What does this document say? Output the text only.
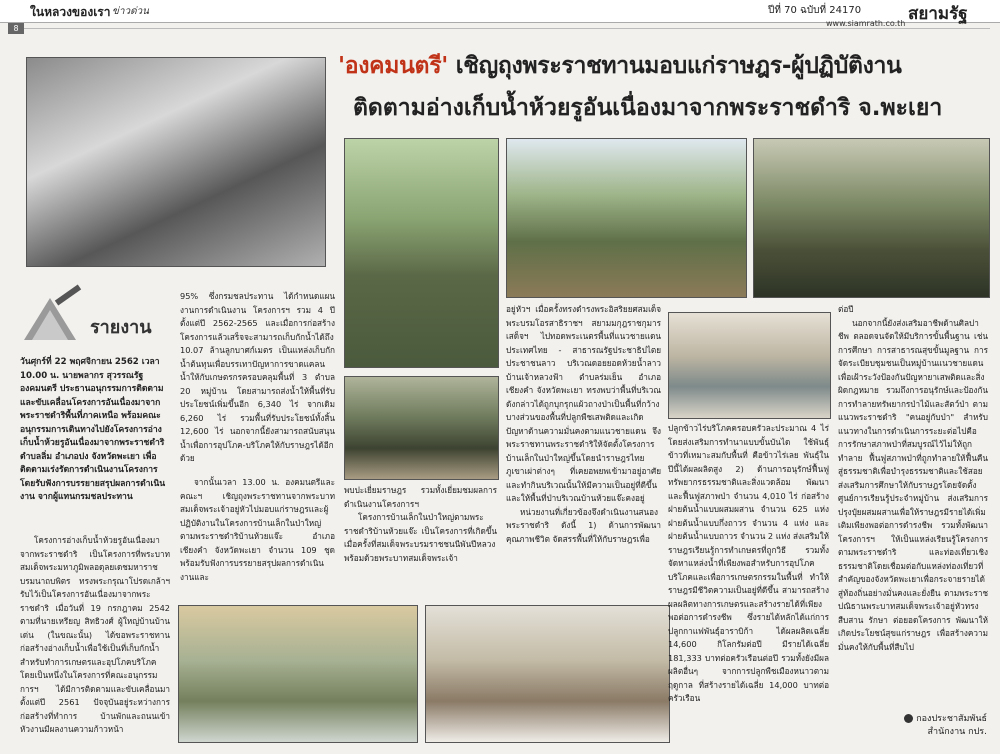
ในหลวงของเรา ข่าวด่วน	ปีที่ 70 ฉบับที่ 24170	สยามรัฐ
www.siamrath.co.th
8
'องคมนตรี' เชิญถุงพระราชทานมอบแก่ราษฎร-ผู้ปฏิบัติงาน
ติดตามอ่างเก็บน้ำห้วยรูอันเนื่องมาจากพระราชดำริ จ.พะเยา
รายงาน
วันศุกร์ที่ 22 พฤศจิกายน 2562 เวลา 10.00 น. นายพลากร สุวรรณรัฐ องคมนตรี ประธานอนุกรรมการติดตามและขับเคลื่อนโครงการอันเนื่องมาจากพระราชดำริพื้นที่ภาคเหนือ พร้อมคณะอนุกรรมการเดินทางไปยังโครงการอ่างเก็บน้ำห้วยรูอันเนื่องมาจากพระราชดำริ ตำบลลิ่ม อำเภอปง จังหวัดพะเยา เพื่อติดตามเร่งรัดการดำเนินงานโครงการ โดยรับฟังการบรรยายสรุปผลการดำเนินงาน จากผู้แทนกรมชลประทาน

โครงการอ่างเก็บน้ำห้วยรูอันเนื่องมาจากพระราชดำริ เป็นโครงการที่พระบาทสมเด็จพระมหาภูมิพลอดุลยเดชมหาราช บรมนาถบพิตร ทรงพระกรุณาโปรดเกล้าฯ รับไว้เป็นโครงการอันเนื่องมาจากพระราชดำริ เมื่อวันที่ 19 กรกฎาคม 2542 ตามที่นายเหรียญ สิทธิวงศ์ ผู้ใหญ่บ้านบ้านเด่น (ในขณะนั้น) ได้ขอพระราชทานก่อสร้างอ่างเก็บน้ำเพื่อใช้เป็นที่เก็บกักน้ำสำหรับทำการเกษตรและอุปโภคบริโภค โดยเป็นหนึ่งในโครงการที่คณะอนุกรรมการฯ ได้มีการติดตามและขับเคลื่อนมาตั้งแต่ปี 2561 ปัจจุบันอยู่ระหว่างการก่อสร้างที่ทำการ บ้านพักและถนนเข้าหัวงานมีผลงานความก้าวหน้า

95% ซึ่งกรมชลประทาน ได้กำหนดแผนงานการดำเนินงาน โครงการฯ รวม 4 ปี ตั้งแต่ปี 2562-2565 และเมื่อการก่อสร้างโครงการแล้วเสร็จจะสามารถเก็บกักน้ำได้ถึง 10.07 ล้านลูกบาศก์เมตร เป็นแหล่งเก็บกักน้ำต้นทุนเพื่อบรรเทาปัญหาการขาดแคลนน้ำให้กับเกษตรกรครอบคลุมพื้นที่ 3 ตำบล 20 หมู่บ้าน โดยสามารถส่งน้ำให้พื้นที่รับประโยชน์เพิ่มขึ้นอีก 6,340 ไร่ จากเดิม 6,260 ไร่ รวมพื้นที่รับประโยชน์ทั้งสิ้น 12,600 ไร่ นอกจากนี้ยังสามารถสนับสนุนน้ำเพื่อการอุปโภค-บริโภคให้กับราษฎรได้อีกด้วย

จากนั้นเวลา 13.00 น. องคมนตรีและคณะฯ เชิญถุงพระราชทานจากพระบาทสมเด็จพระเจ้าอยู่หัวไปมอบแก่ราษฎรและผู้ปฏิบัติงานในโครงการบ้านเล็กในป่าใหญ่ตามพระราชดำริบ้านห้วยแจ๊ะ อำเภอเชียงคำ จังหวัดพะเยา จำนวน 109 ชุด พร้อมรับฟังการบรรยายสรุปผลการดำเนินงานและ

พบปะเยี่ยมราษฎร รวมทั้งเยี่ยมชมผลการดำเนินงานโครงการฯ

โครงการบ้านเล็กในป่าใหญ่ตามพระราชดำริบ้านห้วยแจ๊ะ เป็นโครงการที่เกิดขึ้นเมื่อครั้งที่สมเด็จพระบรมราชชนนีพันปีหลวง พร้อมด้วยพระบาทสมเด็จพระเจ้า

อยู่หัวฯ เมื่อครั้งทรงดำรงพระอิสริยยศสมเด็จพระบรมโอรสาธิราชฯ สยามมกุฎราชกุมาร เสด็จฯ ไปทอดพระเนตรพื้นที่แนวชายแดนประเทศไทย - สาธารณรัฐประชาธิปไตยประชาชนลาว บริเวณดอยยอดห้วยน้ำลาว บ้านเจ้าหลวงฟ้า ตำบลร่มเย็น อำเภอเชียงคำ จังหวัดพะเยา ทรงพบว่าพื้นที่บริเวณดังกล่าวได้ถูกบุกรุกแผ้วถางป่าเป็นพื้นที่กว้างบางส่วนของพื้นที่ปลูกพืชเสพติดและเกิดปัญหาด้านความมั่นคงตามแนวชายแดน จึงพระราชทานพระราชดำริให้จัดตั้งโครงการบ้านเล็กในป่าใหญ่ขึ้นโดยนำราษฎรไทยภูเขาเผ่าต่างๆ ที่เคยอพยพเข้ามาอยู่อาศัยและทำกินบริเวณนั้นให้มีความเป็นอยู่ที่ดีขึ้น และให้พื้นที่ป่าบริเวณบ้านห้วยแจ๊ะคงอยู่

หน่วยงานที่เกี่ยวข้องจึงดำเนินงานสนองพระราชดำริ ดังนี้ 1) ด้านการพัฒนาคุณภาพชีวิต จัดสรรพื้นที่ให้กับราษฎรเพื่อ

ปลูกข้าวไร่บริโภคครอบครัวละประมาณ 4 ไร่ โดยส่งเสริมการทำนาแบบขั้นบันได ใช้พันธุ์ข้าวที่เหมาะสมกับพื้นที่ คือข้าวไร่เลย พันธุ์ในปีนี้ได้ผลผลิตสูง 2) ด้านการอนุรักษ์ฟื้นฟูทรัพยากรธรรมชาติและสิ่งแวดล้อม พัฒนาและฟื้นฟูสภาพป่า จำนวน 4,010 ไร่ ก่อสร้างฝายต้นน้ำแบบผสมผสาน จำนวน 625 แห่ง ฝายต้นน้ำแบบกึ่งถาวร จำนวน 4 แห่ง และฝายต้นน้ำแบบถาวร จำนวน 2 แห่ง ส่งเสริมให้ราษฎรเรียนรู้การทำเกษตรที่ถูกวิธี รวมทั้งจัดหาแหล่งน้ำที่เพียงพอสำหรับการอุปโภค บริโภคและเพื่อการเกษตรกรรมในพื้นที่ ทำให้ราษฎรมีชีวิตความเป็นอยู่ที่ดีขึ้น สามารถสร้างผลผลิตทางการเกษตรและสร้างรายได้ที่เพียงพอต่อการดำรงชีพ ซึ่งรายได้หลักได้แก่การปลูกกาแฟพันธุ์อาราบิก้า ได้ผลผลิตเฉลี่ย 14,600 กิโลกรัมต่อปี มีรายได้เฉลี่ย 181,333 บาทต่อครัวเรือนต่อปี รวมทั้งยังมีผลผลิตอื่นๆ จากการปลูกพืชเมืองหนาวตามฤดูกาล ที่สร้างรายได้เฉลี่ย 14,000 บาทต่อครัวเรือน

ต่อปี

นอกจากนี้ยังส่งเสริมอาชีพด้านศิลปาชีพ ตลอดจนจัดให้มีบริการขั้นพื้นฐาน เช่น การศึกษา การสาธารณสุขขั้นมูลฐาน การจัดระเบียบชุมชนเป็นหมู่บ้านแนวชายแดนเพื่อเฝ้าระวังป้องกันปัญหายาเสพติดและสิ่งผิดกฎหมาย รวมถึงการอนุรักษ์และป้องกันการทำลายทรัพยากรป่าไม้และสัตว์ป่า ตามแนวพระราชดำริ "คนอยู่กับป่า" สำหรับแนวทางในการดำเนินการระยะต่อไปคือการรักษาสภาพป่าที่สมบูรณ์ไว้ไม่ให้ถูกทำลาย ฟื้นฟูสภาพป่าที่ถูกทำลายให้ฟื้นคืนสู่ธรรมชาติเพื่อบำรุงธรรมชาติและใช้สอย ส่งเสริมการศึกษาให้กับราษฎรโดยจัดตั้งศูนย์การเรียนรู้ประจำหมู่บ้าน ส่งเสริมการปรุงปุ๋ยผสมผสานเพื่อให้ราษฎรมีรายได้เพิ่มเติมเพียงพอต่อการดำรงชีพ รวมทั้งพัฒนาโครงการฯ ให้เป็นแหล่งเรียนรู้โครงการตามพระราชดำริ และท่องเที่ยวเชิงธรรมชาติโดยเชื่อมต่อกับแหล่งท่องเที่ยวที่สำคัญของจังหวัดพะเยาเพื่อกระจายรายได้สู่ท้องถิ่นอย่างมั่นคงและยั่งยืน ตามพระราชปณิธานพระบาทสมเด็จพระเจ้าอยู่หัวทรงสืบสาน รักษา ต่อยอดโครงการ พัฒนาให้เกิดประโยชน์สุขแก่ราษฎร เพื่อสร้างความมั่นคงให้กับพื้นที่สืบไป

กองประชาสัมพันธ์
สำนักงาน กปร.
